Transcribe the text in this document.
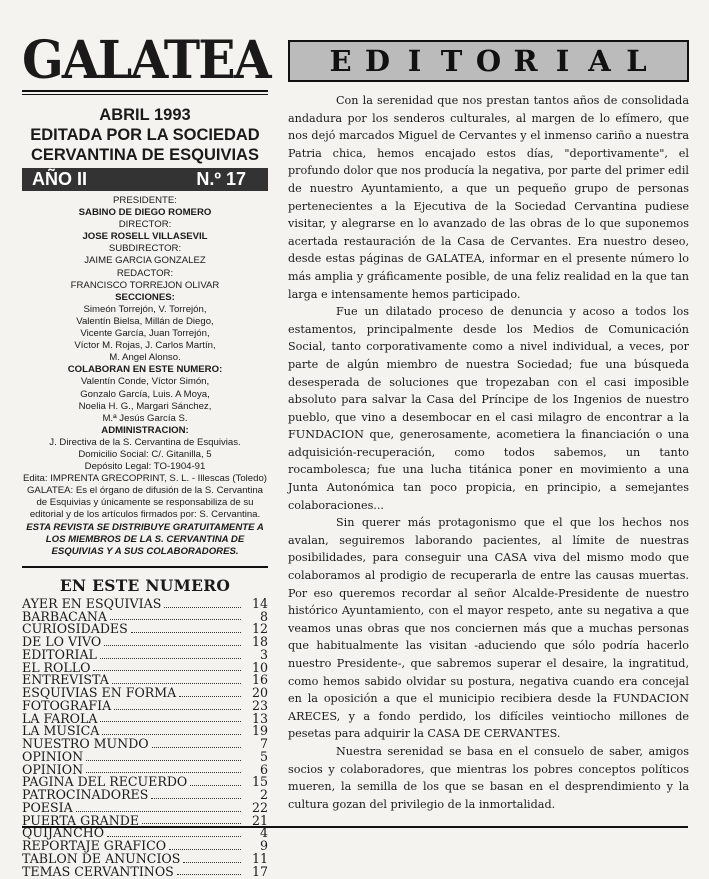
GALATEA
ABRIL 1993
EDITADA POR LA SOCIEDAD
CERVANTINA DE ESQUIVIAS
AÑO II	N.º 17
PRESIDENTE:
SABINO DE DIEGO ROMERO
DIRECTOR:
JOSE ROSELL VILLASEVIL
SUBDIRECTOR:
JAIME GARCIA GONZALEZ
REDACTOR:
FRANCISCO TORREJON OLIVAR
SECCIONES:
Simeón Torrejón, V. Torrejón,
Valentín Bielsa, Millán de Diego,
Vicente García, Juan Torrejón,
Víctor M. Rojas, J. Carlos Martín,
M. Angel Alonso.
COLABORAN EN ESTE NUMERO:
Valentín Conde, Víctor Simón,
Gonzalo García, Luis. A Moya,
Noelia H. G., Margari Sánchez,
M.ª Jesús García S.
ADMINISTRACION:
J. Directiva de la S. Cervantina de Esquivias.
Domicilio Social: C/. Gitanilla, 5
Depósito Legal: TO-1904-91
Edita: IMPRENTA GRECOPRINT, S. L. - Illescas (Toledo)
GALATEA: Es el órgano de difusión de la S. Cervantina
de Esquivias y únicamente se responsabiliza de su
editorial y de los artículos firmados por: S. Cervantina.
ESTA REVISTA SE DISTRIBUYE GRATUITAMENTE A
LOS MIEMBROS DE LA S. CERVANTINA DE
ESQUIVIAS Y A SUS COLABORADORES.
EN ESTE NUMERO
AYER EN ESQUIVIAS	14
BARBACANA	8
CURIOSIDADES	12
DE LO VIVO	18
EDITORIAL	3
EL ROLLO	10
ENTREVISTA	16
ESQUIVIAS EN FORMA	20
FOTOGRAFIA	23
LA FAROLA	13
LA MUSICA	19
NUESTRO MUNDO	7
OPINION	5
OPINION	6
PAGINA DEL RECUERDO	15
PATROCINADORES	2
POESIA	22
PUERTA GRANDE	21
QUIJANCHO	4
REPORTAJE GRAFICO	9
TABLON DE ANUNCIOS	11
TEMAS CERVANTINOS	17
E D I T O R I A L

Con la serenidad que nos prestan tantos años de consolidada andadura por los senderos culturales, al margen de lo efímero, que nos dejó marcados Miguel de Cervantes y el inmenso cariño a nuestra Patria chica, hemos encajado estos días, "deportivamente", el profundo dolor que nos producía la negativa, por parte del primer edil de nuestro Ayuntamiento, a que un pequeño grupo de personas pertenecientes a la Ejecutiva de la Sociedad Cervantina pudiese visitar, y alegrarse en lo avanzado de las obras de lo que suponemos acertada restauración de la Casa de Cervantes. Era nuestro deseo, desde estas páginas de GALATEA, informar en el presente número lo más amplia y gráficamente posible, de una feliz realidad en la que tan larga e intensamente hemos participado.

Fue un dilatado proceso de denuncia y acoso a todos los estamentos, principalmente desde los Medios de Comunicación Social, tanto corporativamente como a nivel individual, a veces, por parte de algún miembro de nuestra Sociedad; fue una búsqueda desesperada de soluciones que tropezaban con el casi imposible absoluto para salvar la Casa del Príncipe de los Ingenios de nuestro pueblo, que vino a desembocar en el casi milagro de encontrar a la FUNDACION que, generosamente, acometiera la financiación o una adquisición-recuperación, como todos sabemos, un tanto rocambolesca; fue una lucha titánica poner en movimiento a una Junta Autonómica tan poco propicia, en principio, a semejantes colaboraciones...

Sin querer más protagonismo que el que los hechos nos avalan, seguiremos laborando pacientes, al límite de nuestras posibilidades, para conseguir una CASA viva del mismo modo que colaboramos al prodigio de recuperarla de entre las causas muertas. Por eso queremos recordar al señor Alcalde-Presidente de nuestro histórico Ayuntamiento, con el mayor respeto, ante su negativa a que veamos unas obras que nos conciernen más que a muchas personas que habitualmente las visitan -aduciendo que sólo podría hacerlo nuestro Presidente-, que sabremos superar el desaire, la ingratitud, como hemos sabido olvidar su postura, negativa cuando era concejal en la oposición a que el municipio recibiera desde la FUNDACION ARECES, y a fondo perdido, los difíciles veintiocho millones de pesetas para adquirir la CASA DE CERVANTES.

Nuestra serenidad se basa en el consuelo de saber, amigos socios y colaboradores, que mientras los pobres conceptos políticos mueren, la semilla de los que se basan en el desprendimiento y la cultura gozan del privilegio de la inmortalidad.
